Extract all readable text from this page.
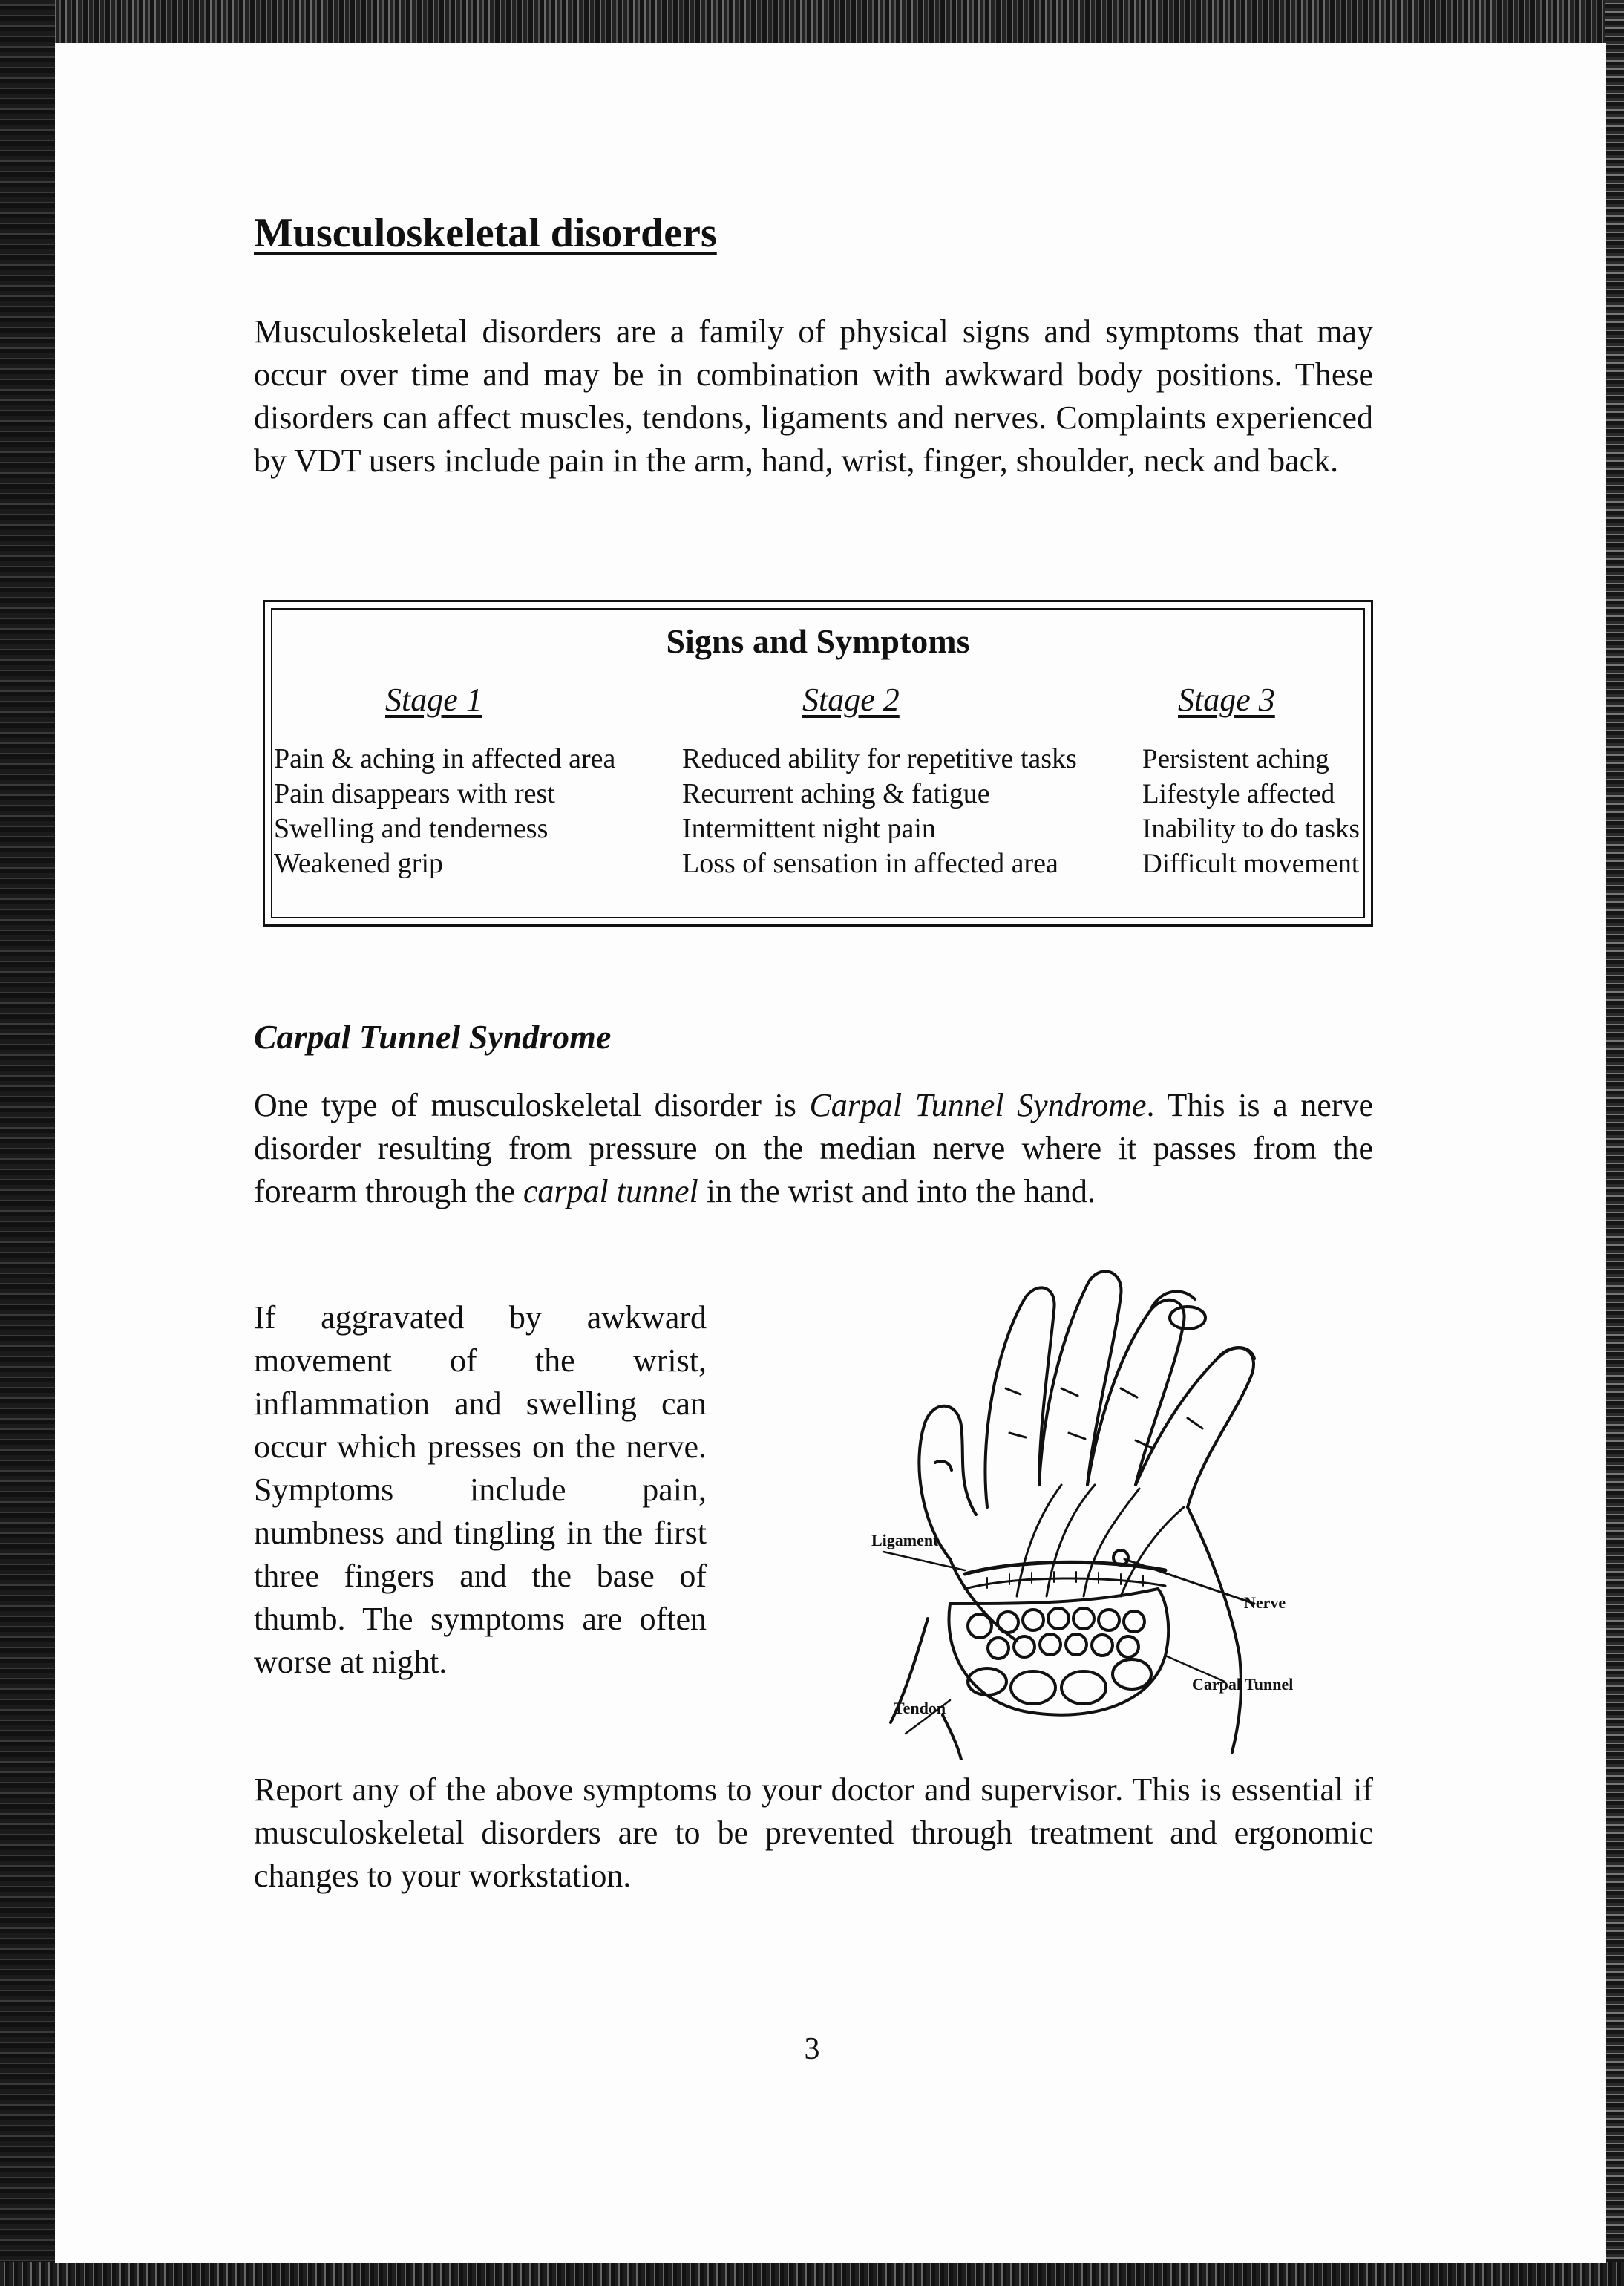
Musculoskeletal disorders

Musculoskeletal disorders are a family of physical signs and symptoms that may occur over time and may be in combination with awkward body positions. These disorders can affect muscles, tendons, ligaments and nerves. Complaints experienced by VDT users include pain in the arm, hand, wrist, finger, shoulder, neck and back.

Signs and Symptoms
Stage 1	Stage 2	Stage 3
Pain & aching in affected area
Pain disappears with rest
Swelling and tenderness
Weakened grip
Reduced ability for repetitive tasks
Recurrent aching & fatigue
Intermittent night pain
Loss of sensation in affected area
Persistent aching
Lifestyle affected
Inability to do tasks
Difficult movement
Carpal Tunnel Syndrome

One type of musculoskeletal disorder is Carpal Tunnel Syndrome. This is a nerve disorder resulting from pressure on the median nerve where it passes from the forearm through the carpal tunnel in the wrist and into the hand.

If aggravated by awkward movement of the wrist, inflammation and swelling can occur which presses on the nerve. Symptoms include pain, numbness and tingling in the first three fingers and the base of thumb. The symptoms are often worse at night.

Ligament
Nerve
Carpal Tunnel
Tendon

Report any of the above symptoms to your doctor and supervisor. This is essential if musculoskeletal disorders are to be prevented through treatment and ergonomic changes to your workstation.

3
